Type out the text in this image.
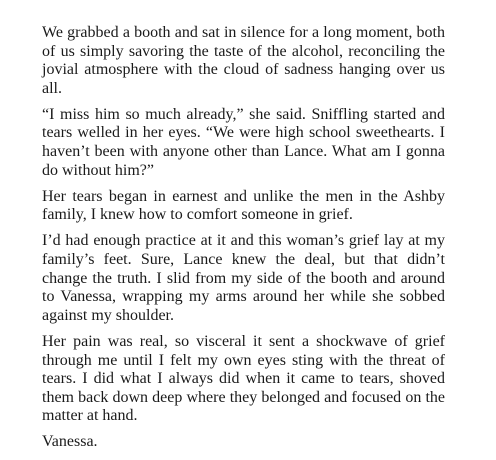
We grabbed a booth and sat in silence for a long moment, both of us simply savoring the taste of the alcohol, reconciling the jovial atmosphere with the cloud of sadness hanging over us all.

“I miss him so much already,” she said. Sniffling started and tears welled in her eyes. “We were high school sweethearts. I haven’t been with anyone other than Lance. What am I gonna do without him?”

Her tears began in earnest and unlike the men in the Ashby family, I knew how to comfort someone in grief.

I’d had enough practice at it and this woman’s grief lay at my family’s feet. Sure, Lance knew the deal, but that didn’t change the truth. I slid from my side of the booth and around to Vanessa, wrapping my arms around her while she sobbed against my shoulder.

Her pain was real, so visceral it sent a shockwave of grief through me until I felt my own eyes sting with the threat of tears. I did what I always did when it came to tears, shoved them back down deep where they belonged and focused on the matter at hand.

Vanessa.
